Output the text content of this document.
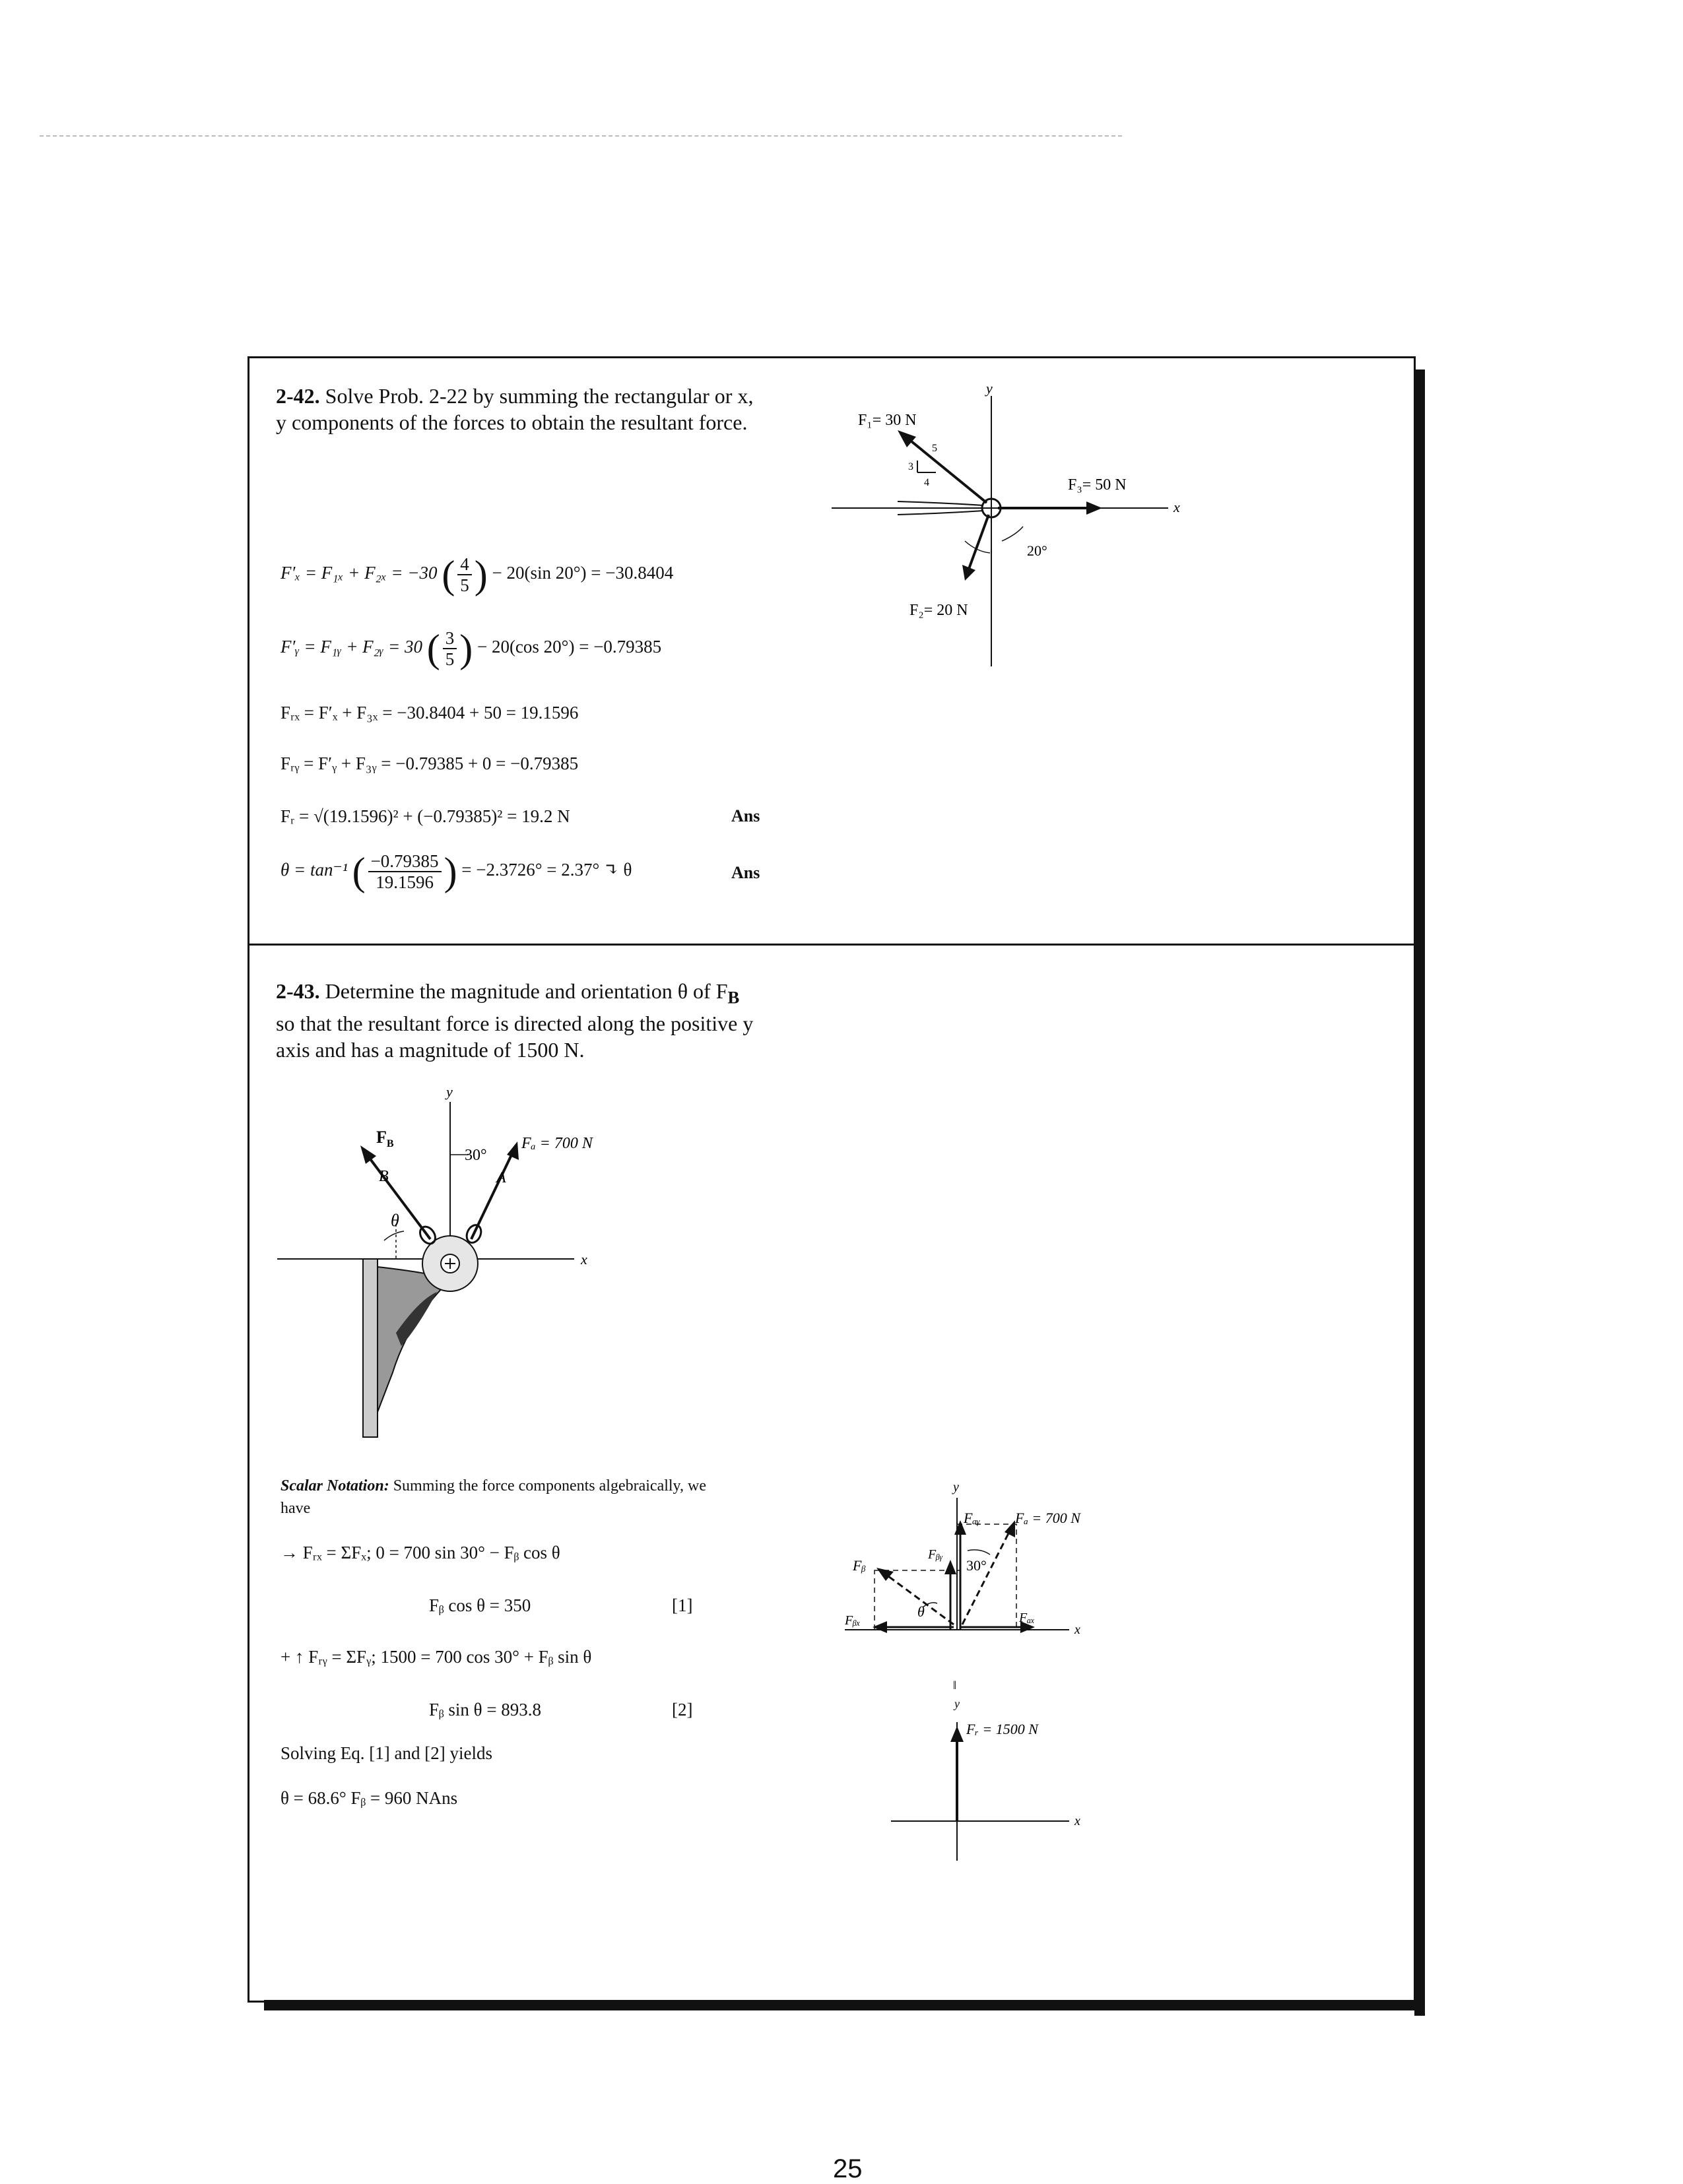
2-42. Solve Prob. 2-22 by summing the rectangular or x,
y components of the forces to obtain the resultant force.
y
x
3
4
5
F₁= 30 N
F₃= 50 N
F₂= 20 N
20°
F′ₓ = F₁ₓ + F₂ₓ = −30 ( $\frac{4}{5}$ ) − 20(sin 20°) = −30.8404
F′ᵧ = F₁ᵧ + F₂ᵧ = 30 ( $\frac{3}{5}$ ) − 20(cos 20°) = −0.79385
Fᵣₓ = F′ₓ + F₃ₓ = −30.8404 + 50 = 19.1596
Fᵣᵧ = F′ᵧ + F₃ᵧ = −0.79385 + 0 = −0.79385
Fᵣ = √(19.1596)² + (−0.79385)² = 19.2 N	Ans
θ = tan⁻¹ ( $\frac{-0.79385}{19.1596}$ ) = −2.3726° = 2.37° ↴ θ	Ans
2-43. Determine the magnitude and orientation θ of $F_B$
so that the resultant force is directed along the positive y
axis and has a magnitude of 1500 N.
y
x
$F_B$	Fₐ = 700 N
30°
A
B
θ
Scalar Notation: Summing the force components algebraically, we
have
→ Fᵣₓ = ΣFₓ; 0 = 700 sin 30° − Fᵦ cos θ
Fᵦ cos θ = 350	[1]
+ ↑ Fᵣᵧ = ΣFᵧ; 1500 = 700 cos 30° + Fᵦ sin θ
Fᵦ sin θ = 893.8	[2]
Solving Eq. [1] and [2] yields
θ = 68.6° Fᵦ = 960 NAns
y
x
Fₐᵧ Fₐ = 700 N
Fᵦᵧ
30°
Fᵦ
θ
Fᵦₓ	Fₐₓ
‖
y
Fᵣ = 1500 N
x
25
